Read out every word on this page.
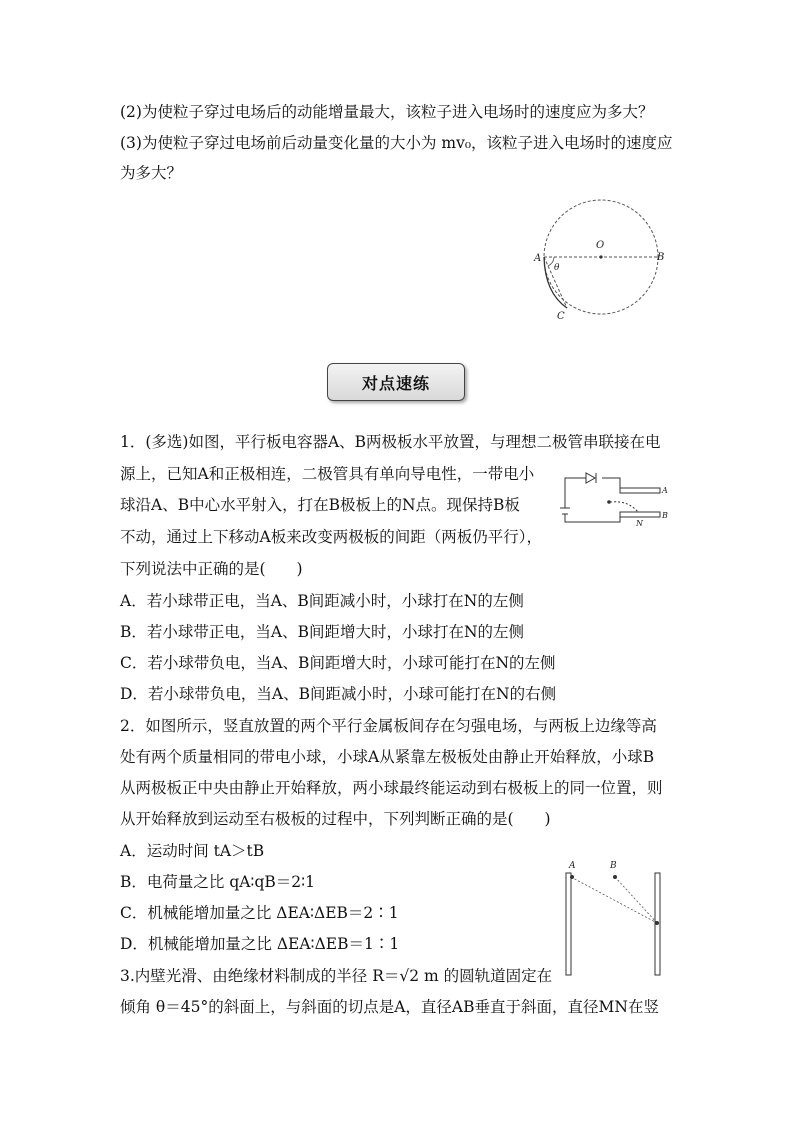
(2)为使粒子穿过电场后的动能增量最大，该粒子进入电场时的速度应为多大？
(3)为使粒子穿过电场前后动量变化量的大小为 mv₀，该粒子进入电场时的速度应
为多大？
A	B
O
C
θ
对点速练
1．(多选)如图，平行板电容器A、B两极板水平放置，与理想二极管串联接在电
源上，已知A和正极相连，二极管具有单向导电性，一带电小
球沿A、B中心水平射入，打在B极板上的N点。现保持B板
不动，通过上下移动A板来改变两极板的间距（两板仍平行），
下列说法中正确的是(　　)
A
B
N
A．若小球带正电，当A、B间距减小时，小球打在N的左侧
B．若小球带正电，当A、B间距增大时，小球打在N的左侧
C．若小球带负电，当A、B间距增大时，小球可能打在N的左侧
D．若小球带负电，当A、B间距减小时，小球可能打在N的右侧
2．如图所示，竖直放置的两个平行金属板间存在匀强电场，与两板上边缘等高
处有两个质量相同的带电小球，小球A从紧靠左极板处由静止开始释放，小球B
从两极板正中央由静止开始释放，两小球最终能运动到右极板上的同一位置，则
从开始释放到运动至右极板的过程中，下列判断正确的是(　　)
A．运动时间 tA＞tB
B．电荷量之比 qA∶qB＝2∶1
C．机械能增加量之比 ΔEA∶ΔEB＝2∶1
D．机械能增加量之比 ΔEA∶ΔEB＝1∶1
A	B
3.内壁光滑、由绝缘材料制成的半径 R＝√2 m 的圆轨道固定在
倾角 θ＝45°的斜面上，与斜面的切点是A，直径AB垂直于斜面，直径MN在竖
